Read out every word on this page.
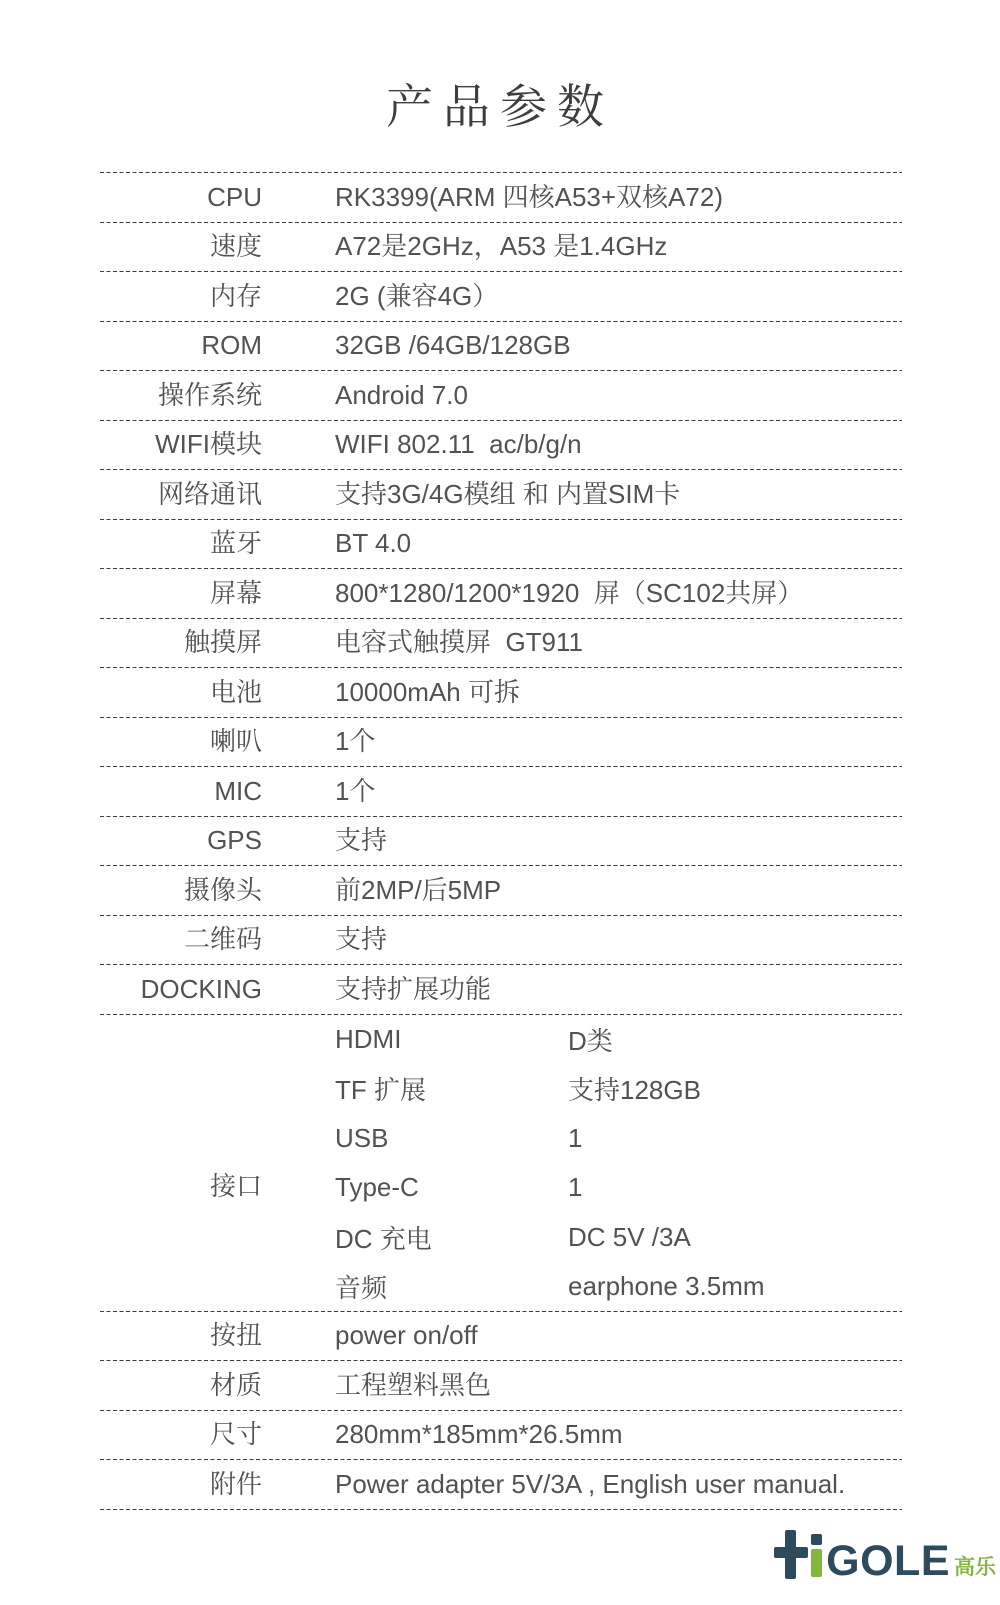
产品参数
CPU	RK3399(ARM 四核A53+双核A72)
速度	A72是2GHz，A53 是1.4GHz
内存	2G (兼容4G）
ROM	32GB /64GB/128GB
操作系统	Android 7.0
WIFI模块	WIFI 802.11  ac/b/g/n
网络通讯	支持3G/4G模组 和 内置SIM卡
蓝牙	BT 4.0
屏幕	800*1280/1200*1920  屏（SC102共屏）
触摸屏	电容式触摸屏  GT911
电池	10000mAh 可拆
喇叭	1个
MIC	1个
GPS	支持
摄像头	前2MP/后5MP
二维码	支持
DOCKING	支持扩展功能
接口
HDMI	D类
TF 扩展	支持128GB
USB	1
Type-C	1
DC 充电	DC 5V /3A
音频	earphone 3.5mm
按扭	power on/off
材质	工程塑料黑色
尺寸	280mm*185mm*26.5mm
附件	Power adapter 5V/3A , English user manual.
GOLE 高乐
